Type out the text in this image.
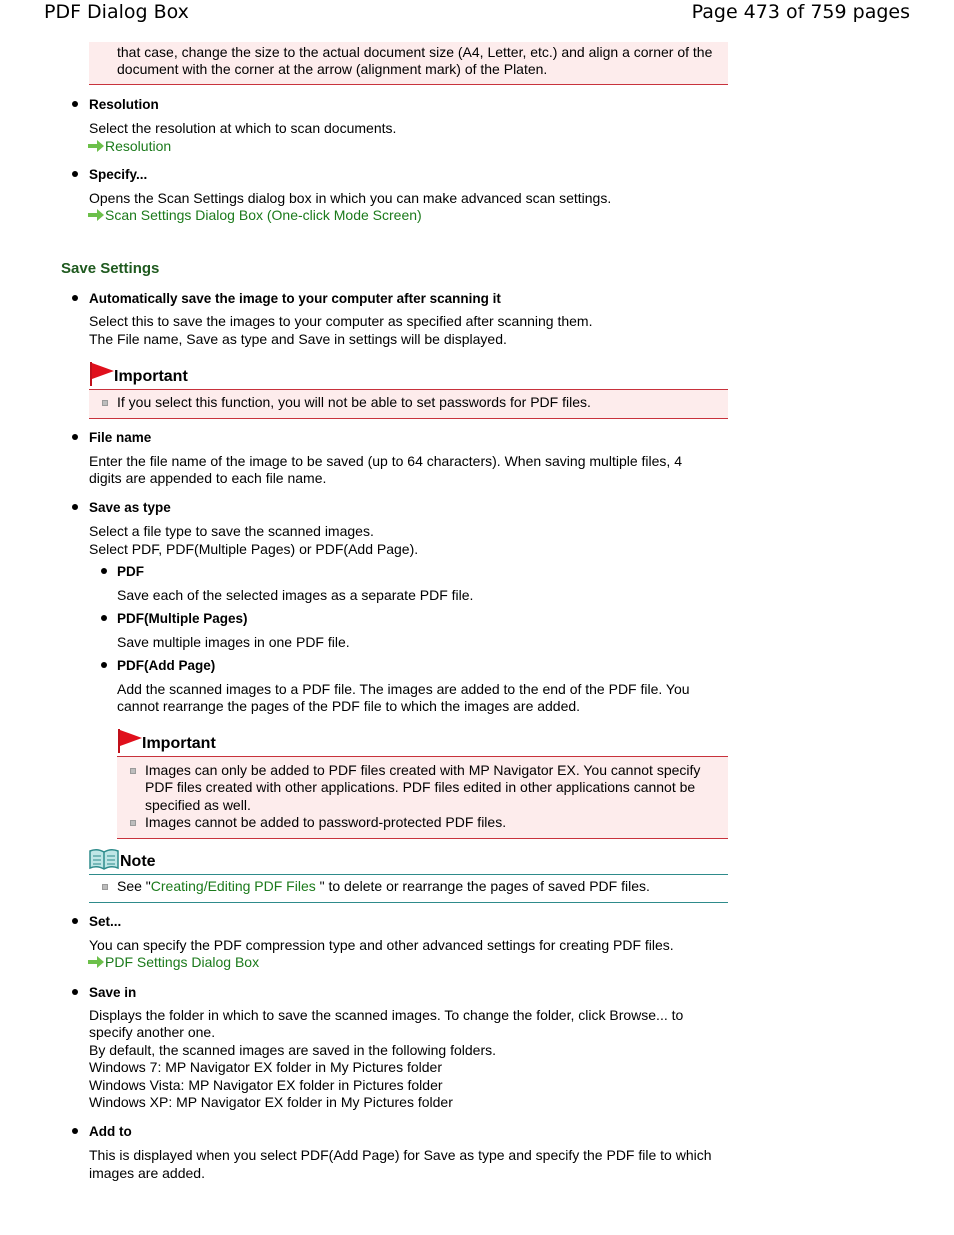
PDF Dialog Box	Page 473 of 759 pages
that case, change the size to the actual document size (A4, Letter, etc.) and align a corner of the
document with the corner at the arrow (alignment mark) of the Platen.
Resolution
Select the resolution at which to scan documents.
Resolution
Specify...
Opens the Scan Settings dialog box in which you can make advanced scan settings.
Scan Settings Dialog Box (One-click Mode Screen)
Save Settings
Automatically save the image to your computer after scanning it
Select this to save the images to your computer as specified after scanning them.
The File name, Save as type and Save in settings will be displayed.
Important
If you select this function, you will not be able to set passwords for PDF files.
File name
Enter the file name of the image to be saved (up to 64 characters). When saving multiple files, 4
digits are appended to each file name.
Save as type
Select a file type to save the scanned images.
Select PDF, PDF(Multiple Pages) or PDF(Add Page).
PDF
Save each of the selected images as a separate PDF file.
PDF(Multiple Pages)
Save multiple images in one PDF file.
PDF(Add Page)
Add the scanned images to a PDF file. The images are added to the end of the PDF file. You
cannot rearrange the pages of the PDF file to which the images are added.
Important
Images can only be added to PDF files created with MP Navigator EX. You cannot specify
PDF files created with other applications. PDF files edited in other applications cannot be
specified as well.
Images cannot be added to password-protected PDF files.
Note
See "Creating/Editing PDF Files " to delete or rearrange the pages of saved PDF files.
Set...
You can specify the PDF compression type and other advanced settings for creating PDF files.
PDF Settings Dialog Box
Save in
Displays the folder in which to save the scanned images. To change the folder, click Browse... to
specify another one.
By default, the scanned images are saved in the following folders.
Windows 7: MP Navigator EX folder in My Pictures folder
Windows Vista: MP Navigator EX folder in Pictures folder
Windows XP: MP Navigator EX folder in My Pictures folder
Add to
This is displayed when you select PDF(Add Page) for Save as type and specify the PDF file to which
images are added.
